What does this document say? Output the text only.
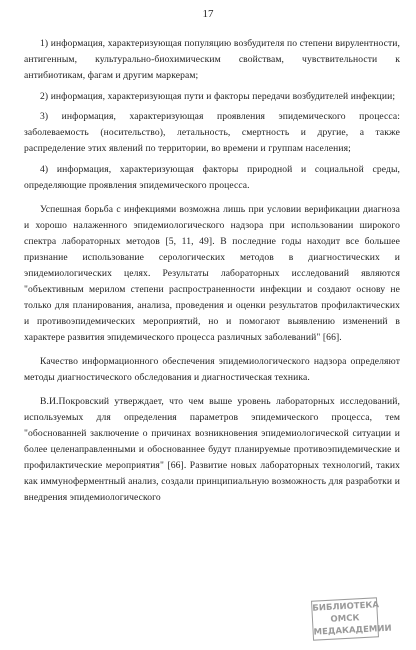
17

1) информация, характеризующая популяцию возбудителя по степени вирулентности, антигенным, культурально-биохимическим свойствам, чувствительности к антибиотикам, фагам и другим маркерам;

2) информация, характеризующая пути и факторы передачи возбудителей инфекции;

3) информация, характеризующая проявления эпидемического процесса: заболеваемость (носительство), летальность, смертность и другие, а также распределение этих явлений по территории, во времени и группам населения;

4) информация, характеризующая факторы природной и социальной среды, определяющие проявления эпидемического процесса.

Успешная борьба с инфекциями возможна лишь при условии верификации диагноза и хорошо налаженного эпидемиологического надзора при использовании широкого спектра лабораторных методов [5, 11, 49]. В последние годы находит все большее признание использование серологических методов в диагностических и эпидемиологических целях. Результаты лабораторных исследований являются "объективным мерилом степени распространенности инфекции и создают основу не только для планирования, анализа, проведения и оценки результатов профилактических и противоэпидемических мероприятий, но и помогают выявлению изменений в характере развития эпидемического процесса различных заболеваний" [66].

Качество информационного обеспечения эпидемиологического надзора определяют методы диагностического обследования и диагностическая техника.

В.И.Покровский утверждает, что чем выше уровень лабораторных исследований, используемых для определения параметров эпидемического процесса, тем "обоснованней заключение о причинах возникновения эпидемиологической ситуации и более целенаправленными и обоснованнее будут планируемые противоэпидемические и профилактические мероприятия" [66]. Развитие новых лабораторных технологий, таких как иммуноферментный анализ, создали принципиальную возможность для разработки и внедрения эпидемиологического

БИБЛИОТЕКА
ОМСК
МЕДАКАДЕМИИ
